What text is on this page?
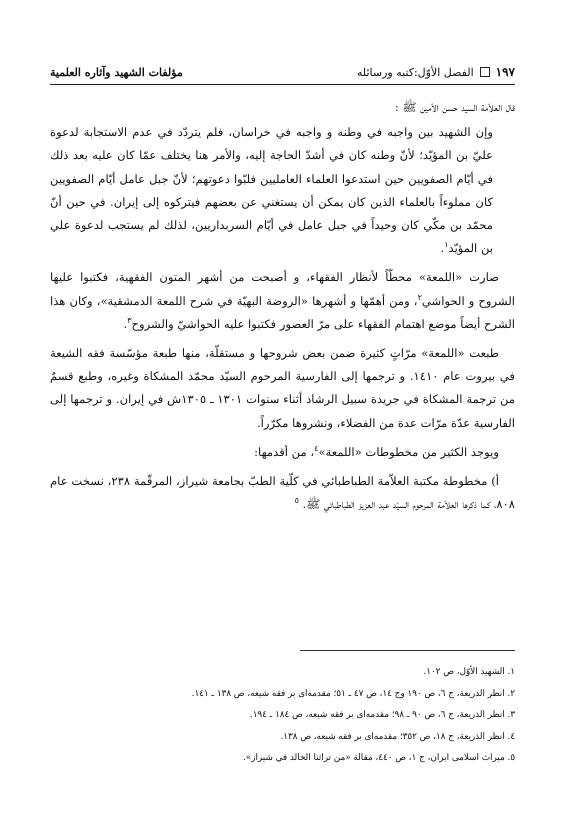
مؤلفات الشهيد وآثاره العلمية	الفصل الأوّل:كتبه ورسائله ١٩٧

قال العلاّمة السيد حسن الأمين ﷺ :

وإن الشهيد بين واجبه في وطنه و واجبه في خراسان، فلم يتردّد في عدم الاستجابة لدعوة عليّ بن المؤيّد؛ لأنّ وطنه كان في أشدّ الحاجة إليه، والأمر هنا يختلف عمّا كان عليه بعد ذلك في أيّام الصفويين حين استدعوا العلماء العامليين فلبّوا دعوتهم؛ لأنّ جبل عامل أيّام الصفويين كان مملوءاً بالعلماء الذين كان يمكن أن يستغني عن بعضهم فيتركوه إلى إيران. في حين أنّ محمّد بن مكّي كان وحيداً في جبل عامل في أيّام السربداريين، لذلك لم يستجب لدعوة علي بن المؤيّد$^١$.

صارت «اللمعة» محطّاً لأنظار الفقهاء، و أصبحت من أشهر المتون الفقهية، فكتبوا عليها الشروح و الحواشي$^٢$، ومن أهمّها و أشهرها «الروضة البهيّة في شرح اللمعة الدمشقية»، وكان هذا الشرح أيضاً موضع اهتمام الفقهاء على مرّ العصور فكتبوا عليه الحواشيّ والشروح$^٣$.

طبعت «اللمعة» مرّاتٍ كثيرة ضمن بعض شروحها و مستقلّة، منها طبعة مؤسّسة فقه الشيعة في بيروت عام ١٤١٠. و ترجمها إلى الفارسية المرحوم السيّد محمّد المشكاة وغيره، وطبع قسمٌ من ترجمة المشكاة في جريدة سبيل الرشاد أثناء سنوات ١٣٠١ ـ ١٣٠٥ش في إيران. و ترجمها إلى الفارسية عدّة مرّات عدة من الفضلاء، ونشروها مكرّراً.

ويوجد الكثير من مخطوطات «اللمعة»$^٤$، من أقدمها:

أ) مخطوطة مكتبة العلاّمة الطباطبائي في كلّية الطبّ بجامعة شيراز، المرقّمة ٢٣٨، نسخت عام ٨٠٨، كما ذكرها العلاّمة المرحوم السيّد عبد العزيز الطباطبائي ﷺ. $^٥$

١. الشهيد الأوّل، ص ١٠٢.
٢. انظر الذريعة، ج ٦، ص ١٩٠ وج ١٤، ص ٤٧ ـ ٥١؛ مقدمه‌اى بر فقه شيعه، ص ١٣٨ ـ ١٤١.
٣. انظر الذريعة، ج ٦، ص ٩٠ ـ ٩٨؛ مقدمه‌اى بر فقه شيعه، ص ١٨٤ ـ ١٩٤.
٤. انظر الذريعة، ج ١٨، ص ٣٥٢؛ مقدمه‌اى بر فقه شيعه، ص ١٣٨.
٥. ميراث اسلامى ايران، ج ١، ص ٤٤٠، مقالة «من تراثنا الخالد في شيراز».
